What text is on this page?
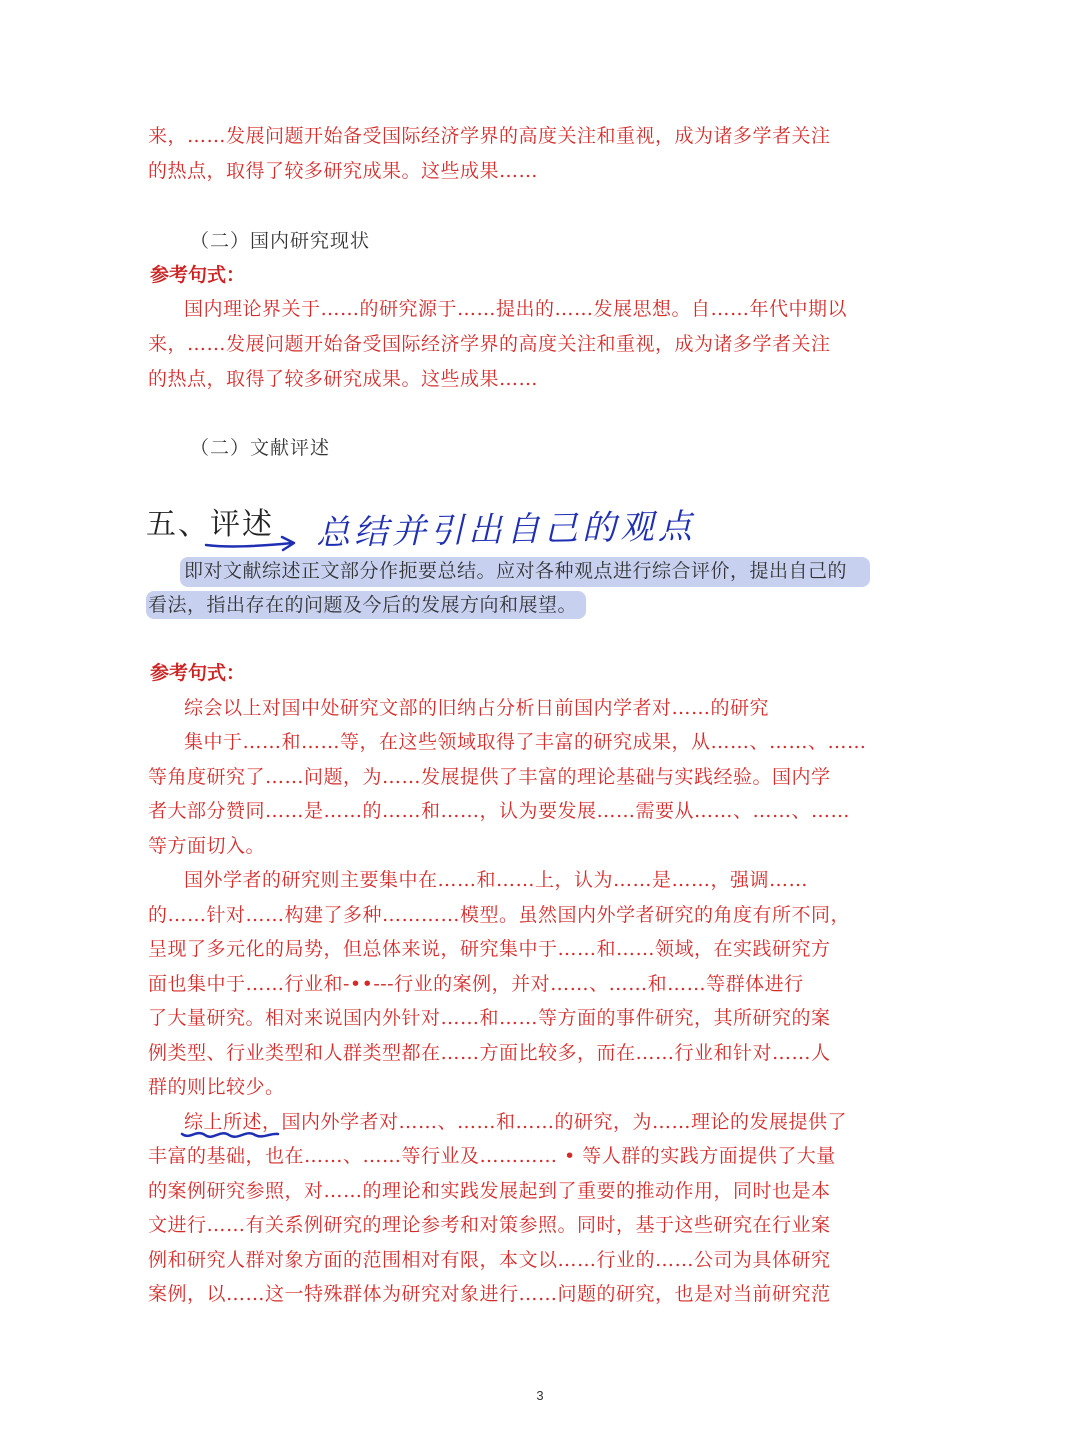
来，……发展问题开始备受国际经济学界的高度关注和重视，成为诸多学者关注
的热点，取得了较多研究成果。这些成果……
（二）国内研究现状
参考句式：
国内理论界关于……的研究源于……提出的……发展思想。自……年代中期以
来，……发展问题开始备受国际经济学界的高度关注和重视，成为诸多学者关注
的热点，取得了较多研究成果。这些成果……
（二）文献评述
五、评述 总结并引出自己的观点
即对文献综述正文部分作扼要总结。应对各种观点进行综合评价，提出自己的
看法，指出存在的问题及今后的发展方向和展望。
参考句式：
综会以上对国中处研究文部的旧纳占分析日前国内学者对……的研究
集中于……和……等，在这些领域取得了丰富的研究成果，从……、……、……
等角度研究了……问题，为……发展提供了丰富的理论基础与实践经验。国内学
者大部分赞同……是……的……和……，认为要发展……需要从……、……、……
等方面切入。
国外学者的研究则主要集中在……和……上，认为……是……，强调……
的……针对……构建了多种…………模型。虽然国内外学者研究的角度有所不同，
呈现了多元化的局势，但总体来说，研究集中于……和……领域，在实践研究方
面也集中于……行业和-••---行业的案例，并对……、……和……等群体进行
了大量研究。相对来说国内外针对……和……等方面的事件研究，其所研究的案
例类型、行业类型和人群类型都在……方面比较多，而在……行业和针对……人
群的则比较少。
综上所述，国内外学者对……、……和……的研究，为……理论的发展提供了
丰富的基础，也在……、……等行业及………… • 等人群的实践方面提供了大量
的案例研究参照，对……的理论和实践发展起到了重要的推动作用，同时也是本
文进行……有关系例研究的理论参考和对策参照。同时，基于这些研究在行业案
例和研究人群对象方面的范围相对有限，本文以……行业的……公司为具体研究
案例，以……这一特殊群体为研究对象进行……问题的研究，也是对当前研究范
3
